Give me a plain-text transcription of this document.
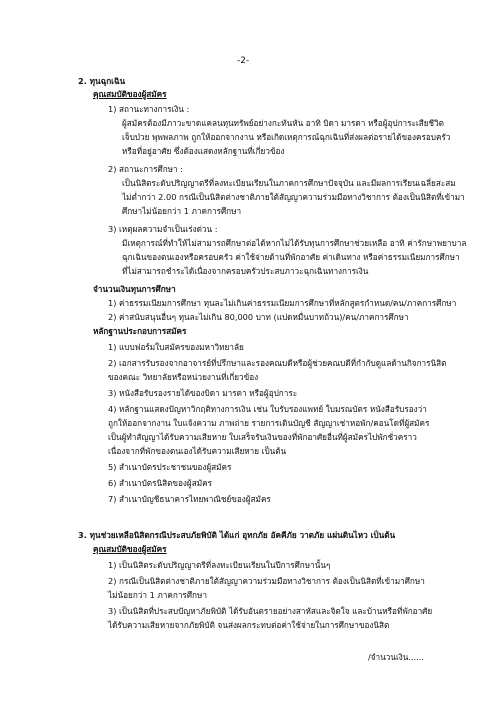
-2-
2. ทุนฉุกเฉิน
คุณสมบัติของผู้สมัคร
1) สถานะทางการเงิน :
ผู้สมัครต้องมีภาวะขาดแคลนทุนทรัพย์อย่างกะทันหัน อาทิ บิดา มารดา หรือผู้อุปการะเสียชีวิต
เจ็บป่วย พุพพลภาพ ถูกให้ออกจากงาน หรือเกิดเหตุการณ์ฉุกเฉินที่ส่งผลต่อรายได้ของครอบครัว
หรือที่อยู่อาศัย ซึ่งต้องแสดงหลักฐานที่เกี่ยวข้อง
2) สถานะการศึกษา :
เป็นนิสิตระดับปริญญาตรีที่ลงทะเบียนเรียนในภาคการศึกษาปัจจุบัน และมีผลการเรียนเฉลี่ยสะสม
ไม่ต่ำกว่า 2.00 กรณีเป็นนิสิตต่างชาติภายใต้สัญญาความร่วมมือทางวิชาการ ต้องเป็นนิสิตที่เข้ามา
ศึกษาไม่น้อยกว่า 1 ภาคการศึกษา
3) เหตุผลความจำเป็นเร่งด่วน :
มีเหตุการณ์ที่ทำให้ไม่สามารถศึกษาต่อได้หากไม่ได้รับทุนการศึกษาช่วยเหลือ อาทิ ค่ารักษาพยาบาล
ฉุกเฉินของตนเองหรือครอบครัว ค่าใช้จ่ายด้านที่พักอาศัย ค่าเดินทาง หรือค่าธรรมเนียมการศึกษา
ที่ไม่สามารถชำระได้เนื่องจากครอบครัวประสบภาวะฉุกเฉินทางการเงิน
จำนวนเงินทุนการศึกษา
1) ค่าธรรมเนียมการศึกษา ทุนละไม่เกินค่าธรรมเนียมการศึกษาที่หลักสูตรกำหนด/คน/ภาคการศึกษา
2) ค่าสนับสนุนอื่นๆ ทุนละไม่เกิน 80,000 บาท (แปดหมื่นบาทถ้วน)/คน/ภาคการศึกษา
หลักฐานประกอบการสมัคร
1) แบบฟอร์มใบสมัครของมหาวิทยาลัย
2) เอกสารรับรองจากอาจารย์ที่ปรึกษาและรองคณบดีหรือผู้ช่วยคณบดีที่กำกับดูแลด้านกิจการนิสิต
ของคณะ วิทยาลัยหรือหน่วยงานที่เกี่ยวข้อง
3) หนังสือรับรองรายได้ของบิดา มารดา หรือผู้อุปการะ
4) หลักฐานแสดงปัญหาวิกฤติทางการเงิน เช่น ใบรับรองแพทย์ ใบมรณบัตร หนังสือรับรองว่า
ถูกให้ออกจากงาน ใบแจ้งความ ภาพถ่าย รายการเดินบัญชี สัญญาเช่าหอพัก/คอนโดที่ผู้สมัคร
เป็นผู้ทำสัญญาได้รับความเสียหาย ใบเสร็จรับเงินของที่พักอาศัยอื่นที่ผู้สมัครไปพักชั่วคราว
เนื่องจากที่พักของตนเองได้รับความเสียหาย เป็นต้น
5) สำเนาบัตรประชาชนของผู้สมัคร
6) สำเนาบัตรนิสิตของผู้สมัคร
7) สำเนาบัญชีธนาคารไทยพาณิชย์ของผู้สมัคร
3. ทุนช่วยเหลือนิสิตกรณีประสบภัยพิบัติ ได้แก่ อุทกภัย อัคคีภัย วาตภัย แผ่นดินไหว เป็นต้น
คุณสมบัติของผู้สมัคร
1) เป็นนิสิตระดับปริญญาตรีที่ลงทะเบียนเรียนในปีการศึกษานั้นๆ
2) กรณีเป็นนิสิตต่างชาติภายใต้สัญญาความร่วมมือทางวิชาการ ต้องเป็นนิสิตที่เข้ามาศึกษา
ไม่น้อยกว่า 1 ภาคการศึกษา
3) เป็นนิสิตที่ประสบปัญหาภัยพิบัติ ได้รับอันตรายอย่างสาหัสและจิตใจ และบ้านหรือที่พักอาศัย
ได้รับความเสียหายจากภัยพิบัติ จนส่งผลกระทบต่อค่าใช้จ่ายในการศึกษาของนิสิต
/จำนวนเงิน......
